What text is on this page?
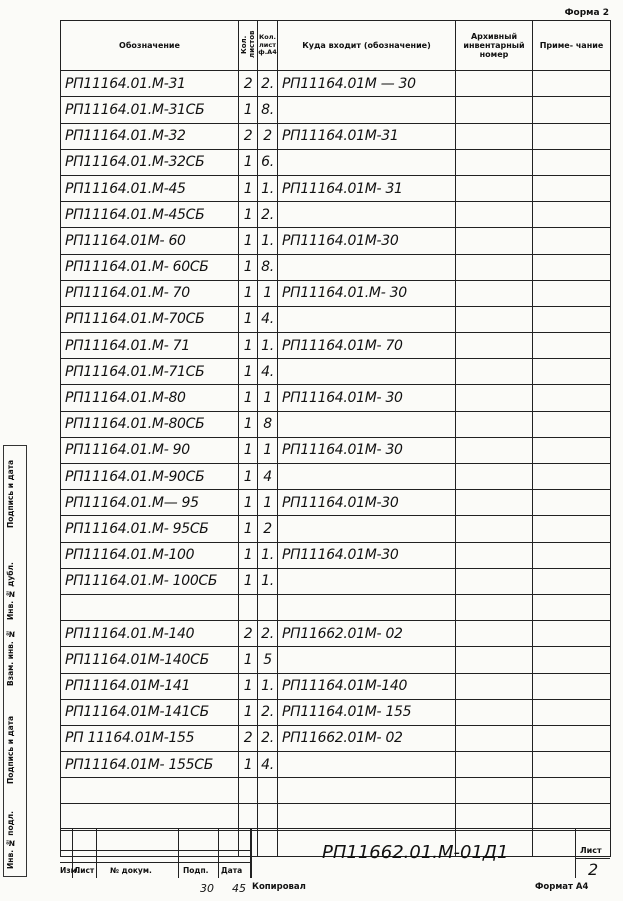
Форма 2
Подпись и дата
Инв. № дубл.
Взам. инв. №
Подпись и дата
Инв. № подл.
Обозначение	Кол. листов	Кол. лист ф.А4	Куда входит (обозначение)	Архивный инвентарный номер	Приме- чание
РП11164.01.М-31	2	2.	РП11164.01М — 30		
РП11164.01.М-31СБ	1	8.			
РП11164.01.М-32	2	2	РП11164.01М-31		
РП11164.01.М-32СБ	1	6.			
РП11164.01.М-45	1	1.	РП11164.01М- 31		
РП11164.01.М-45СБ	1	2.			
РП11164.01М- 60	1	1.	РП11164.01М-30		
РП11164.01.М- 60СБ	1	8.			
РП11164.01.М- 70	1	1	РП11164.01.М- 30		
РП11164.01.М-70СБ	1	4.			
РП11164.01.М- 71	1	1.	РП11164.01М- 70		
РП11164.01.М-71СБ	1	4.			
РП11164.01.М-80	1	1	РП11164.01М- 30		
РП11164.01.М-80СБ	1	8			
РП11164.01.М- 90	1	1	РП11164.01М- 30		
РП11164.01.М-90СБ	1	4			
РП11164.01.М— 95	1	1	РП11164.01М-30		
РП11164.01.М- 95СБ	1	2			
РП11164.01.М-100	1	1.	РП11164.01М-30		
РП11164.01.М- 100СБ	1	1.			

РП11164.01.М-140	2	2.	РП11662.01М- 02		
РП11164.01М-140СБ	1	5			
РП11164.01М-141	1	1.	РП11164.01М-140		
РП11164.01М-141СБ	1	2.	РП11164.01М- 155		
РП 11164.01М-155	2	2.	РП11662.01М- 02		
РП11164.01М- 155СБ	1	4.			

Изм.
Лист № докум.	Подп. Дата
РП11662.01.М-01Д1	Лист
2
30 45 Копировал	Формат А4
